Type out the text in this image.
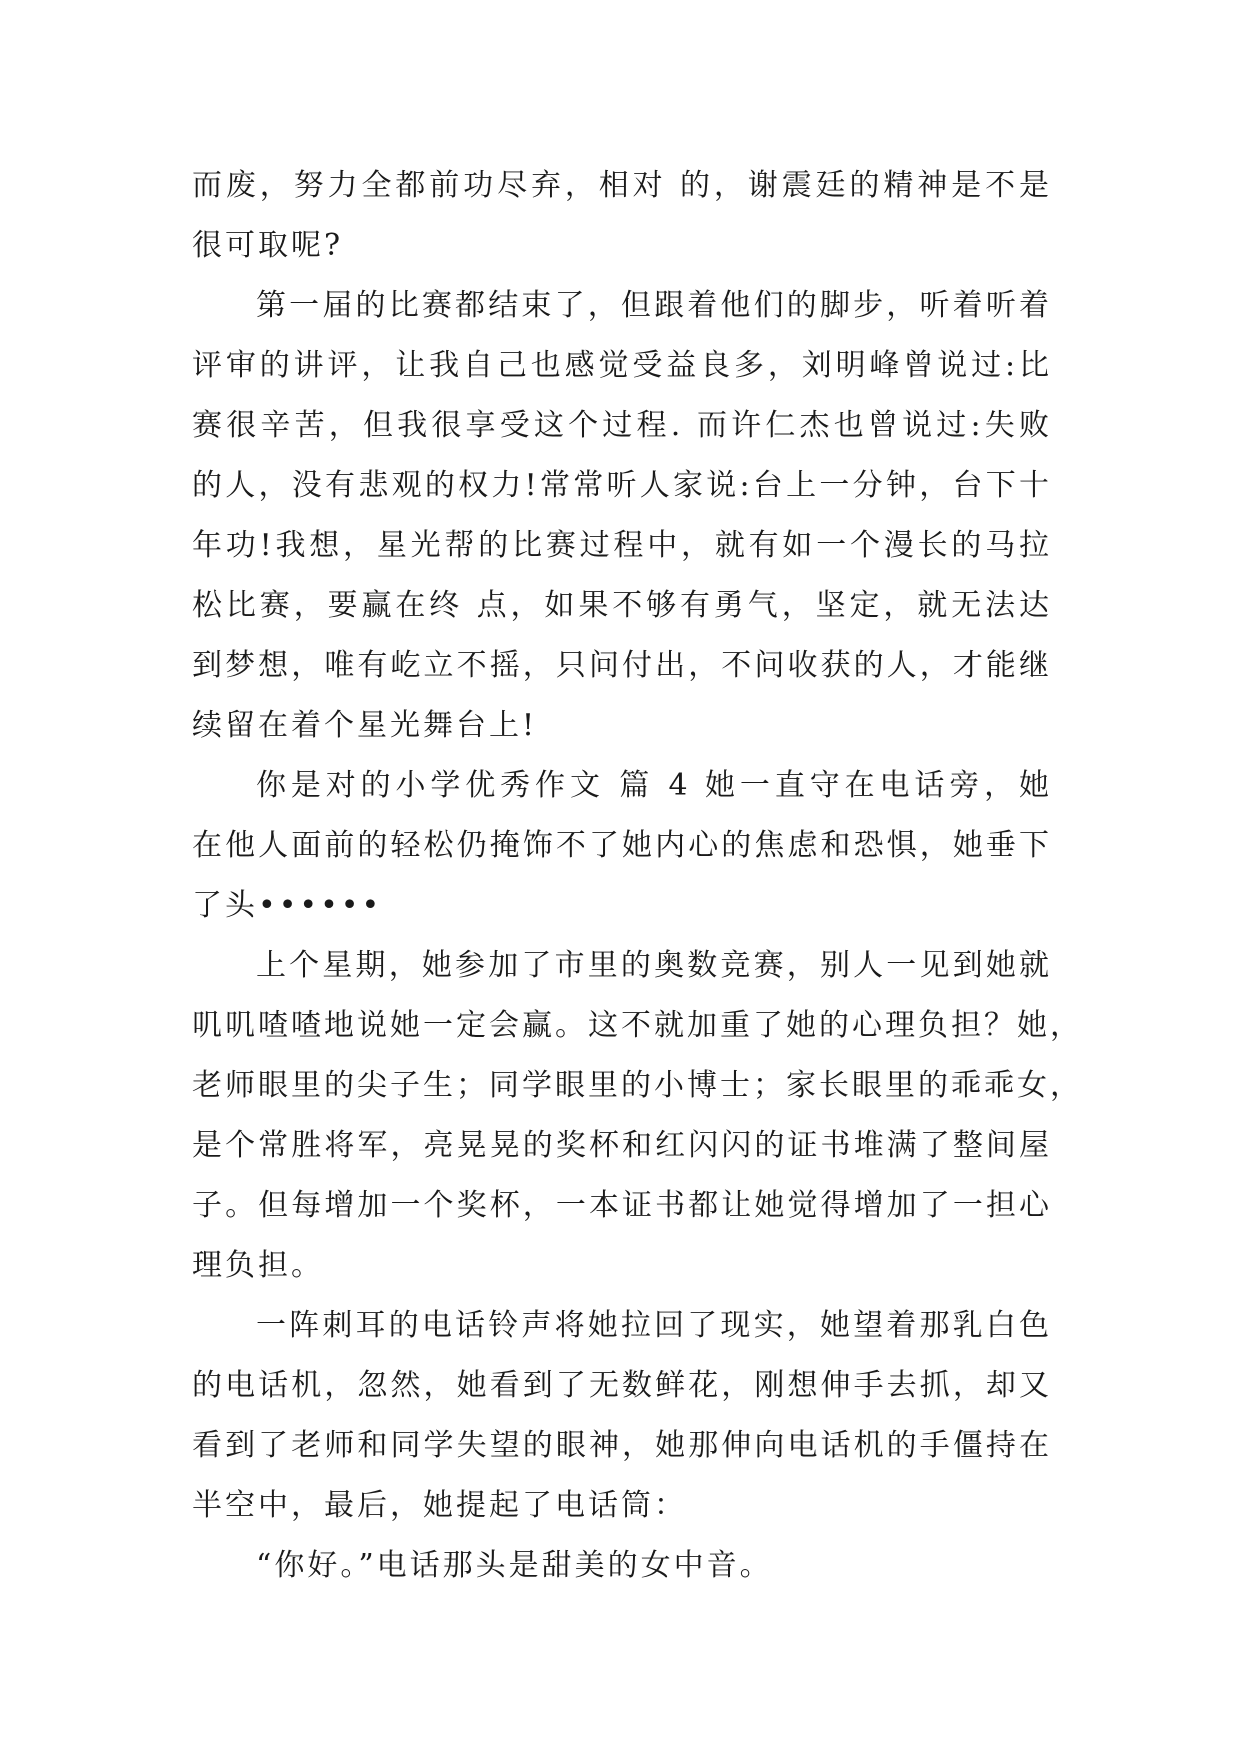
而废，努力全都前功尽弃，相对 的，谢震廷的精神是不是
很可取呢?
第一届的比赛都结束了，但跟着他们的脚步，听着听着
评审的讲评，让我自己也感觉受益良多，刘明峰曾说过:比
赛很辛苦，但我很享受这个过程. 而许仁杰也曾说过:失败
的人，没有悲观的权力!常常听人家说:台上一分钟，台下十
年功!我想，星光帮的比赛过程中，就有如一个漫长的马拉
松比赛，要赢在终 点，如果不够有勇气，坚定，就无法达
到梦想，唯有屹立不摇，只问付出，不问收获的人，才能继
续留在着个星光舞台上!
你是对的小学优秀作文 篇 4 她一直守在电话旁，她
在他人面前的轻松仍掩饰不了她内心的焦虑和恐惧，她垂下
了头••••••
上个星期，她参加了市里的奥数竞赛，别人一见到她就
叽叽喳喳地说她一定会赢。这不就加重了她的心理负担？她，
老师眼里的尖子生；同学眼里的小博士；家长眼里的乖乖女，
是个常胜将军，亮晃晃的奖杯和红闪闪的证书堆满了整间屋
子。但每增加一个奖杯，一本证书都让她觉得增加了一担心
理负担。
一阵刺耳的电话铃声将她拉回了现实，她望着那乳白色
的电话机，忽然，她看到了无数鲜花，刚想伸手去抓，却又
看到了老师和同学失望的眼神，她那伸向电话机的手僵持在
半空中，最后，她提起了电话筒：
“你好。”电话那头是甜美的女中音。
